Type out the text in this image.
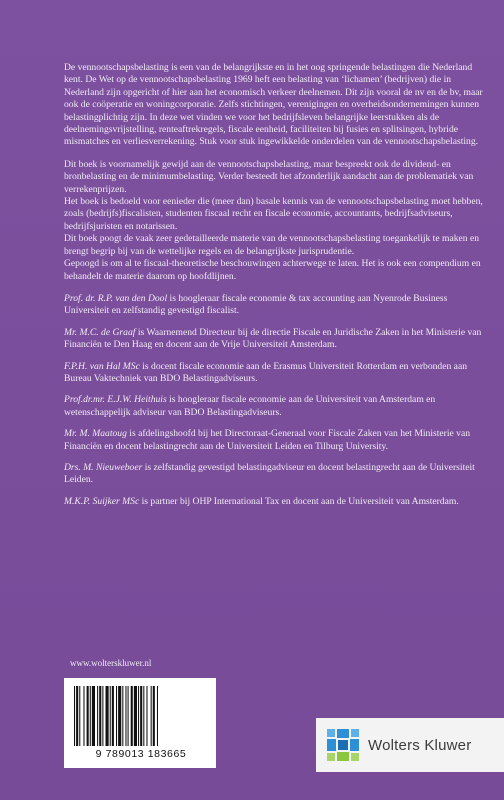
De vennootschapsbelasting is een van de belangrijkste en in het oog springende belastingen die Nederland kent. De Wet op de vennootschapsbelasting 1969 heft een belasting van ‘lichamen’ (bedrijven) die in Nederland zijn opgericht of hier aan het economisch verkeer deelnemen. Dit zijn vooral de nv en de bv, maar ook de coöperatie en woningcorporatie. Zelfs stichtingen, verenigingen en overheidsondernemingen kunnen belastingplichtig zijn. In deze wet vinden we voor het bedrijfsleven belangrijke leerstukken als de deelnemingsvrijstelling, renteaftrekregels, fiscale eenheid, faciliteiten bij fusies en splitsingen, hybride mismatches en verliesverrekening. Stuk voor stuk ingewikkelde onderdelen van de vennootschapsbelasting.

Dit boek is voornamelijk gewijd aan de vennootschapsbelasting, maar bespreekt ook de dividend- en bronbelasting en de minimumbelasting. Verder besteedt het afzonderlijk aandacht aan de problematiek van verrekenprijzen.

Het boek is bedoeld voor eenieder die (meer dan) basale kennis van de vennootschapsbelasting moet hebben, zoals (bedrijfs)fiscalisten, studenten fiscaal recht en fiscale economie, accountants, bedrijfsadviseurs, bedrijfsjuristen en notarissen.

Dit boek poogt de vaak zeer gedetailleerde materie van de vennootschapsbelasting toegankelijk te maken en brengt begrip bij van de wettelijke regels en de belangrijkste jurisprudentie.

Gepoogd is om al te fiscaal-theoretische beschouwingen achterwege te laten. Het is ook een compendium en behandelt de materie daarom op hoofdlijnen.

Prof. dr. R.P. van den Dool is hoogleraar fiscale economie & tax accounting aan Nyenrode Business Universiteit en zelfstandig gevestigd fiscalist.

Mr. M.C. de Graaf is Waarnemend Directeur bij de directie Fiscale en Juridische Zaken in het Ministerie van Financiën te Den Haag en docent aan de Vrije Universiteit Amsterdam.

F.P.H. van Hal MSc is docent fiscale economie aan de Erasmus Universiteit Rotterdam en verbonden aan Bureau Vaktechniek van BDO Belastingadviseurs.

Prof.dr.mr. E.J.W. Heithuis is hoogleraar fiscale economie aan de Universiteit van Amsterdam en wetenschappelijk adviseur van BDO Belastingadviseurs.

Mr. M. Maatoug is afdelingshoofd bij het Directoraat-Generaal voor Fiscale Zaken van het Ministerie van Financiën en docent belastingrecht aan de Universiteit Leiden en Tilburg University.

Drs. M. Nieuweboer is zelfstandig gevestigd belastingadviseur en docent belastingrecht aan de Universiteit Leiden.

M.K.P. Suijker MSc is partner bij OHP International Tax en docent aan de Universiteit van Amsterdam.

www.wolterskluwer.nl
9 789013 183665
Wolters Kluwer
